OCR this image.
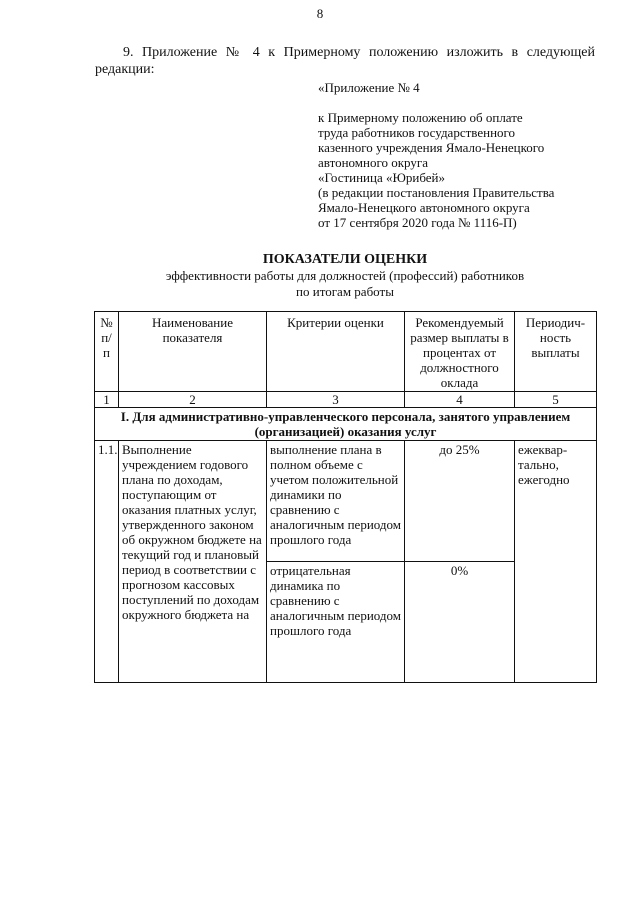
8
9. Приложение № 4 к Примерному положению изложить в следующей
редакции:
«Приложение № 4
к Примерному положению об оплате
труда работников государственного
казенного учреждения Ямало-Ненецкого
автономного округа
«Гостиница «Юрибей»
(в редакции постановления Правительства
Ямало-Ненецкого автономного округа
от 17 сентября 2020 года № 1116-П)
ПОКАЗАТЕЛИ ОЦЕНКИ
эффективности работы для должностей (профессий) работников
по итогам работы
№ п/п	Наименование показателя	Критерии оценки	Рекомендуемый размер выплаты в процентах от должностного оклада	Периодич-ность выплаты
1	2	3	4	5
I. Для административно-управленческого персонала, занятого управлением (организацией) оказания услуг				
1.1.	Выполнение учреждением годового плана по доходам, поступающим от оказания платных услуг, утвержденного законом об окружном бюджете на текущий год и плановый период в соответствии с прогнозом кассовых поступлений по доходам окружного бюджета на	выполнение плана в полном объеме с учетом положительной динамики по сравнению с аналогичным периодом прошлого года	до 25%	ежеквар-тально, ежегодно
		отрицательная динамика по сравнению с аналогичным периодом прошлого года	0%	
